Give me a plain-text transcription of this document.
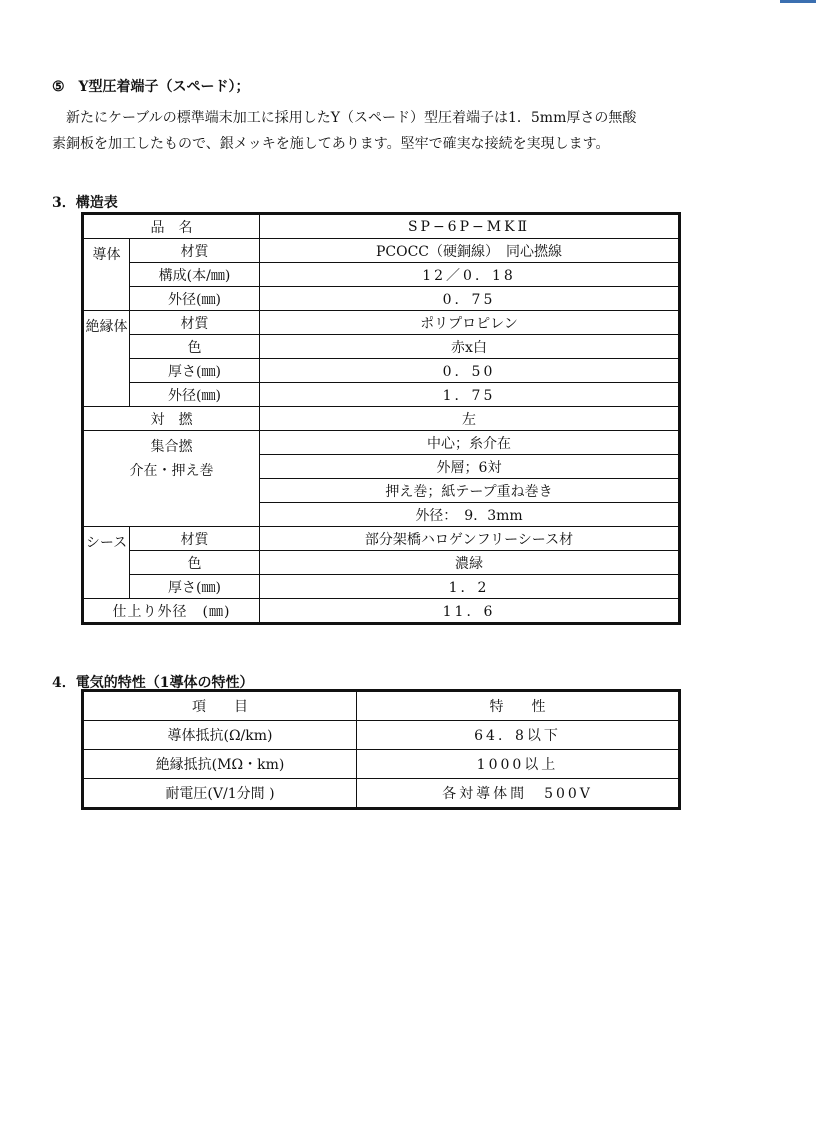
⑤　Y型圧着端子（スペード）；

　新たにケーブルの標準端末加工に採用したY（スペード）型圧着端子は1．5mm厚さの無酸
素銅板を加工したもので、銀メッキを施してあります。堅牢で確実な接続を実現します。

3．構造表
品　名		SP−6P−MKⅡ
導体	材質	PCOCC（硬銅線）　同心撚線
	構成(本/㎜)	12／0．18
	外径(㎜)	0．75
絶縁体	材質	ポリプロピレン
	色	赤x白
	厚さ(㎜)	0．50
	外径(㎜)	1．75
対　撚		左

集合撚
介在・押え巻		中心；糸介在
		外層；6対
		押え巻；紙テープ重ね巻き
		外径：　9．3mm
シース	材質	部分架橋ハロゲンフリーシース材
	色	濃緑
	厚さ(㎜)	1．2
仕上り外径　(㎜)		11．6
4．電気的特性（1導体の特性）
項　　目	特　　性
導体抵抗(Ω/km)	64．8以下
絶縁抵抗(MΩ・km)	1000以上
耐電圧(V/1分間 )	各対導体間　500V
